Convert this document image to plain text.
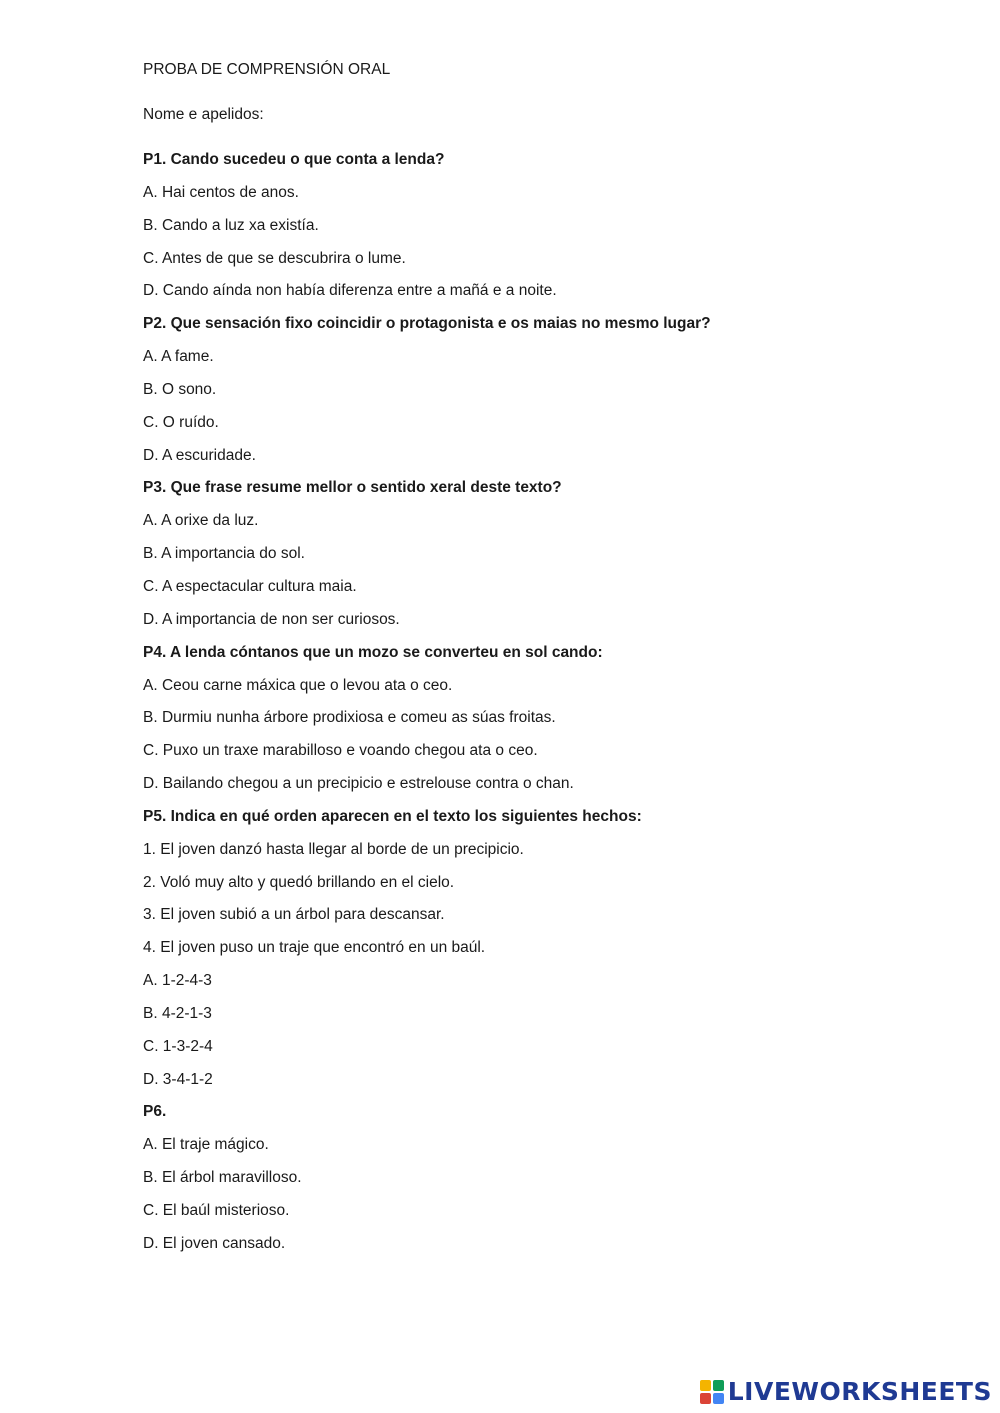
PROBA DE COMPRENSIÓN ORAL

Nome e apelidos:

P1. Cando sucedeu o que conta a lenda?

A. Hai centos de anos.

B. Cando a luz xa existía.

C. Antes de que se descubrira o lume.

D. Cando aínda non había diferenza entre a mañá e a noite.

P2. Que sensación fixo coincidir o protagonista e os maias no mesmo lugar?

A. A fame.

B. O sono.

C. O ruído.

D. A escuridade.

P3. Que frase resume mellor o sentido xeral deste texto?

A. A orixe da luz.

B. A importancia do sol.

C. A espectacular cultura maia.

D. A importancia de non ser curiosos.

P4. A lenda cóntanos que un mozo se converteu en sol cando:

A. Ceou carne máxica que o levou ata o ceo.

B. Durmiu nunha árbore prodixiosa e comeu as súas froitas.

C. Puxo un traxe marabilloso e voando chegou ata o ceo.

D. Bailando chegou a un precipicio e estrelouse contra o chan.

P5. Indica en qué orden aparecen en el texto los siguientes hechos:

1. El joven danzó hasta llegar al borde de un precipicio.

2. Voló muy alto y quedó brillando en el cielo.

3. El joven subió a un árbol para descansar.

4. El joven puso un traje que encontró en un baúl.

A. 1-2-4-3

B. 4-2-1-3

C. 1-3-2-4

D. 3-4-1-2

P6.

A. El traje mágico.

B. El árbol maravilloso.

C. El baúl misterioso.

D. El joven cansado.

LIVEWORKSHEETS
